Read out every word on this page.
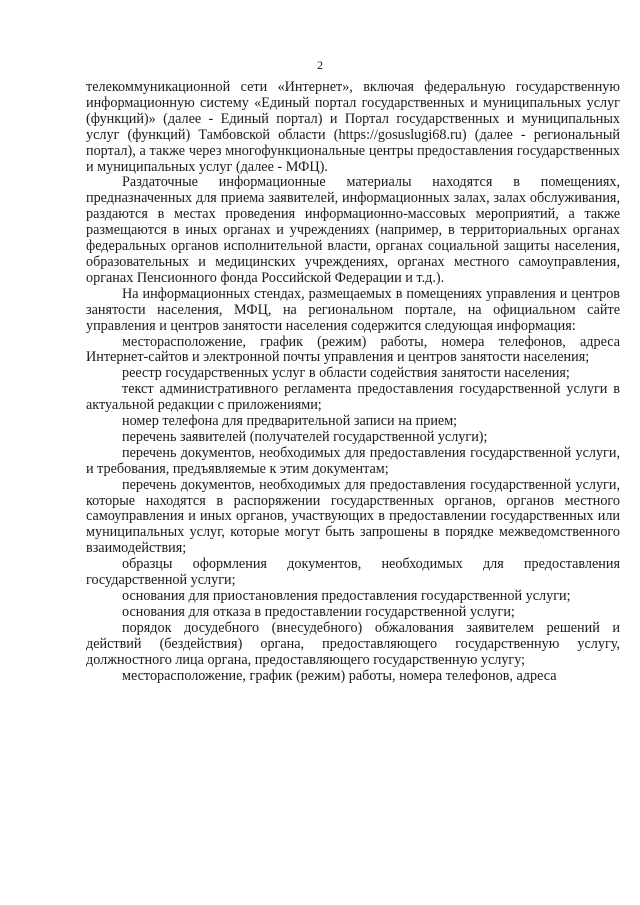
2

телекоммуникационной сети «Интернет», включая федеральную государственную информационную систему «Единый портал государственных и муниципальных услуг (функций)» (далее - Единый портал) и Портал государственных и муниципальных услуг (функций) Тамбовской области (https://gosuslugi68.ru) (далее - региональный портал), а также через многофункциональные центры предоставления государственных и муниципальных услуг (далее - МФЦ).

Раздаточные информационные материалы находятся в помещениях, предназначенных для приема заявителей, информационных залах, залах обслуживания, раздаются в местах проведения информационно-массовых мероприятий, а также размещаются в иных органах и учреждениях (например, в территориальных органах федеральных органов исполнительной власти, органах социальной защиты населения, образовательных и медицинских учреждениях, органах местного самоуправления, органах Пенсионного фонда Российской Федерации и т.д.).

На информационных стендах, размещаемых в помещениях управления и центров занятости населения, МФЦ, на региональном портале, на официальном сайте управления и центров занятости населения содержится следующая информация:

месторасположение, график (режим) работы, номера телефонов, адреса Интернет-сайтов и электронной почты управления и центров занятости населения;

реестр государственных услуг в области содействия занятости населения;

текст административного регламента предоставления государственной услуги в актуальной редакции с приложениями;

номер телефона для предварительной записи на прием;

перечень заявителей (получателей государственной услуги);

перечень документов, необходимых для предоставления государственной услуги, и требования, предъявляемые к этим документам;

перечень документов, необходимых для предоставления государственной услуги, которые находятся в распоряжении государственных органов, органов местного самоуправления и иных органов, участвующих в предоставлении государственных или муниципальных услуг, которые могут быть запрошены в порядке межведомственного взаимодействия;

образцы оформления документов, необходимых для предоставления государственной услуги;

основания для приостановления предоставления государственной услуги;

основания для отказа в предоставлении государственной услуги;

порядок досудебного (внесудебного) обжалования заявителем решений и действий (бездействия) органа, предоставляющего государственную услугу, должностного лица органа, предоставляющего государственную услугу;

месторасположение, график (режим) работы, номера телефонов, адреса
